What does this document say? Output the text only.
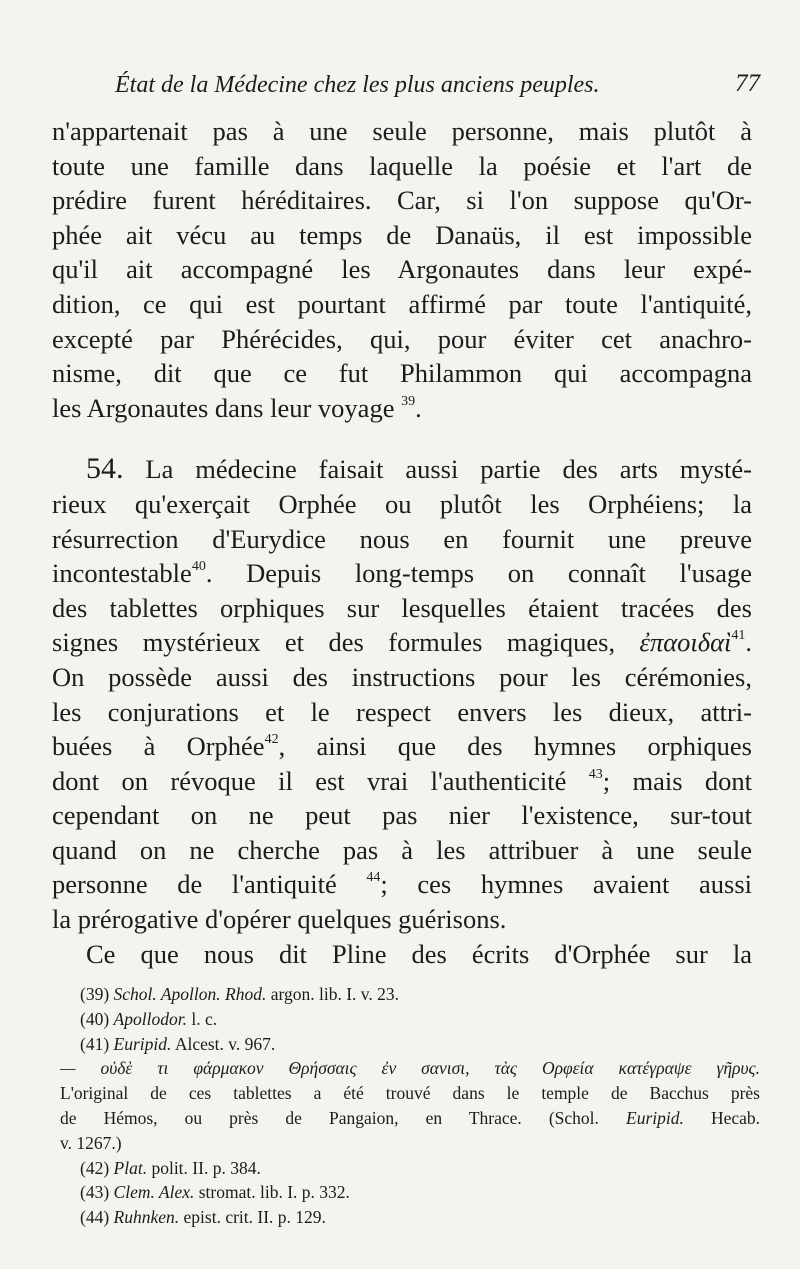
État de la Médecine chez les plus anciens peuples.	77
n'appartenait pas à une seule personne, mais plutôt à
toute une famille dans laquelle la poésie et l'art de
prédire furent héréditaires. Car, si l'on suppose qu'Or-
phée ait vécu au temps de Danaüs, il est impossible
qu'il ait accompagné les Argonautes dans leur expé-
dition, ce qui est pourtant affirmé par toute l'antiquité,
excepté par Phérécides, qui, pour éviter cet anachro-
nisme, dit que ce fut Philammon qui accompagna
les Argonautes dans leur voyage $^{39}$.
54. La médecine faisait aussi partie des arts mysté-
rieux qu'exerçait Orphée ou plutôt les Orphéiens; la
résurrection d'Eurydice nous en fournit une preuve
incontestable$^{40}$. Depuis long-temps on connaît l'usage
des tablettes orphiques sur lesquelles étaient tracées des
signes mystérieux et des formules magiques, ἐπαοιδαὶ$^{41}$.
On possède aussi des instructions pour les cérémonies,
les conjurations et le respect envers les dieux, attri-
buées à Orphée$^{42}$, ainsi que des hymnes orphiques
dont on révoque il est vrai l'authenticité $^{43}$; mais dont
cependant on ne peut pas nier l'existence, sur-tout
quand on ne cherche pas à les attribuer à une seule
personne de l'antiquité $^{44}$; ces hymnes avaient aussi
la prérogative d'opérer quelques guérisons.
Ce que nous dit Pline des écrits d'Orphée sur la
(39) Schol. Apollon. Rhod. argon. lib. I. v. 23.
(40) Apollodor. l. c.
(41) Euripid. Alcest. v. 967.
— οὐδὲ τι φάρμακον Θρήσσαις ἐν σανισι, τὰς Ορφεία κατέγραψε γῆρυς.
L'original de ces tablettes a été trouvé dans le temple de Bacchus près
de Hémos, ou près de Pangaion, en Thrace. (Schol. Euripid. Hecab.
v. 1267.)
(42) Plat. polit. II. p. 384.
(43) Clem. Alex. stromat. lib. I. p. 332.
(44) Ruhnken. epist. crit. II. p. 129.
